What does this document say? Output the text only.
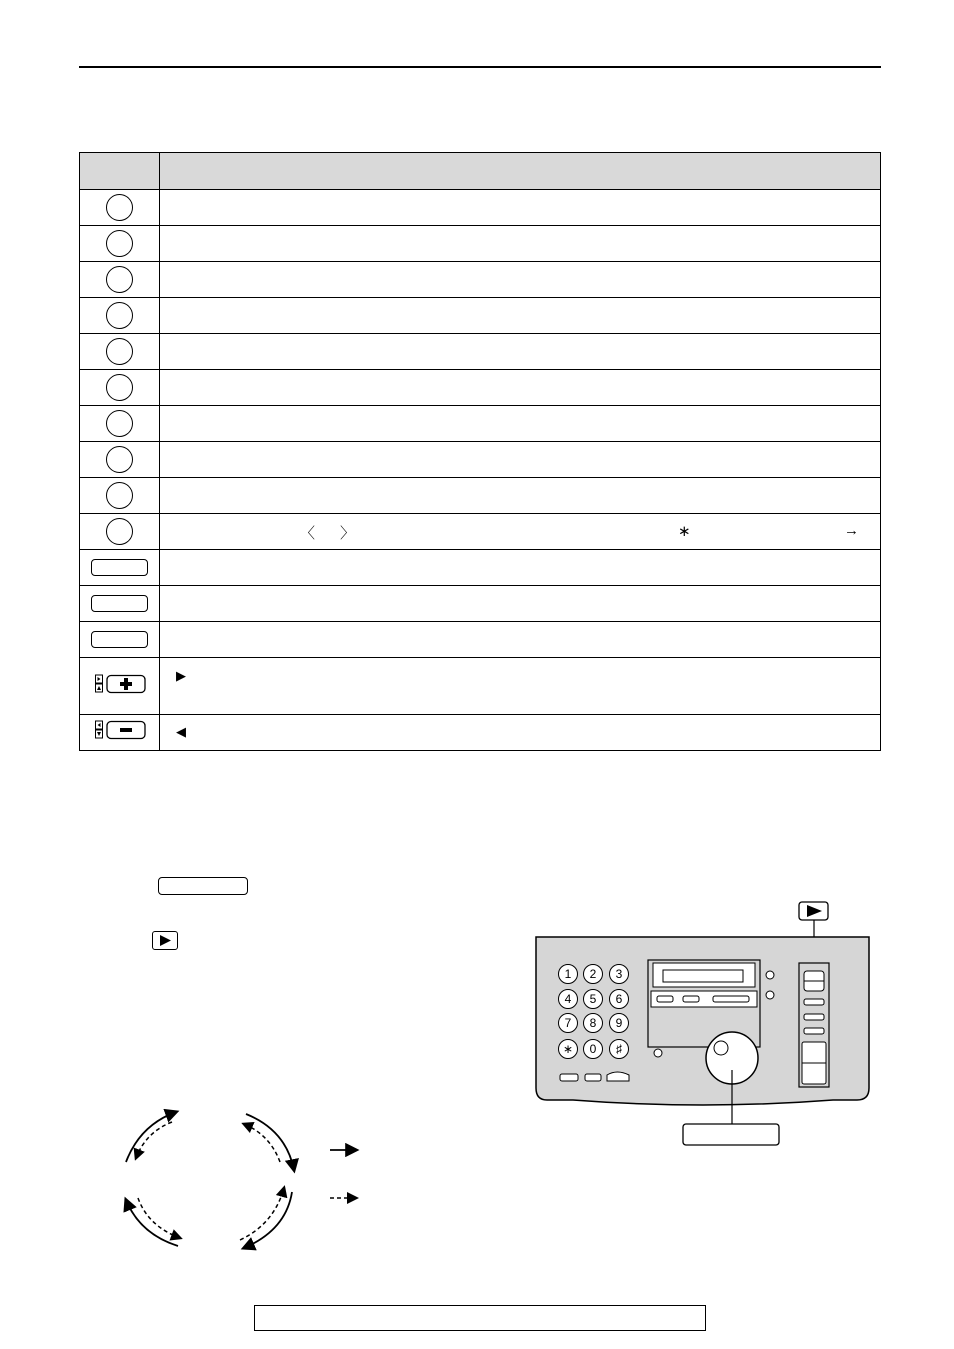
	〈 〉 ∗ →

▶

◀
1 2 3
4 5 6
7 8 9
∗ 0 ♯
